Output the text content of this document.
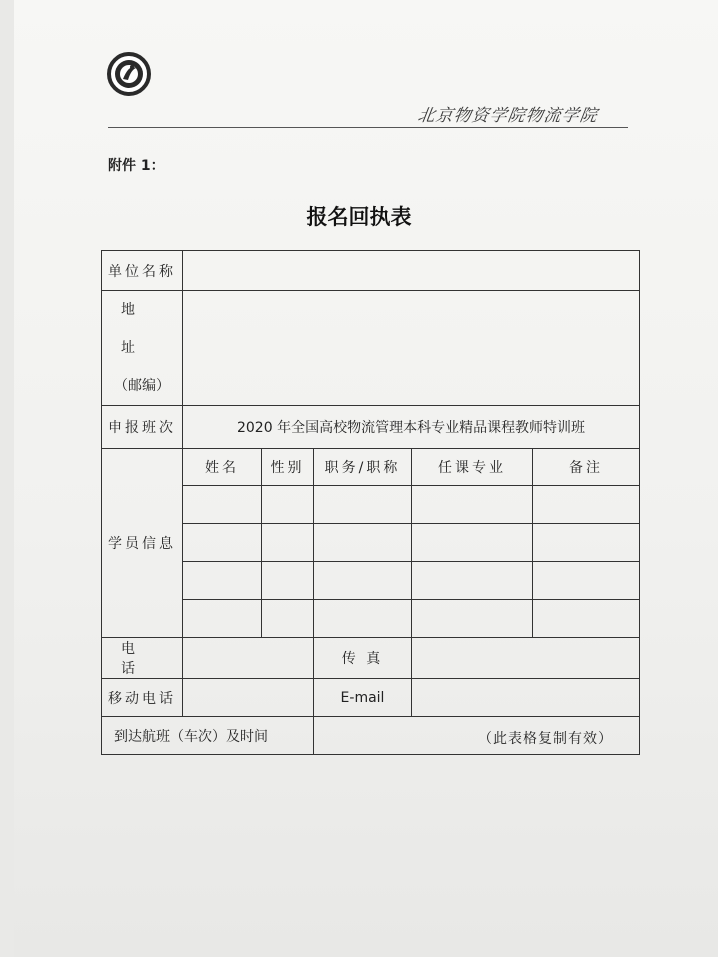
北京物资学院物流学院
附件 1：
报名回执表
单位名称					

地 址
（邮编）					

申报班次	2020 年全国高校物流管理本科专业精品课程教师特训班				
学员信息	姓名	性别	职务/职称	任课专业	备注

电 话			传 真		
移动电话			E-mail		
到达航班（车次）及时间						（此表格复制有效）
